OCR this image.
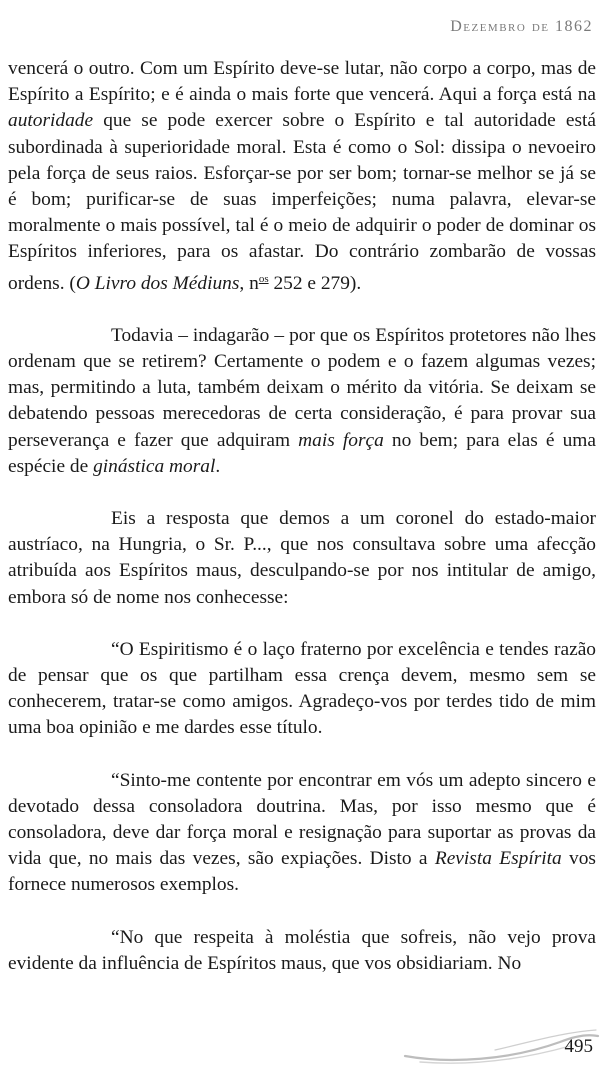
Dezembro de 1862

vencerá o outro. Com um Espírito deve-se lutar, não corpo a corpo, mas de Espírito a Espírito; e é ainda o mais forte que vencerá. Aqui a força está na autoridade que se pode exercer sobre o Espírito e tal autoridade está subordinada à superioridade moral. Esta é como o Sol: dissipa o nevoeiro pela força de seus raios. Esforçar-se por ser bom; tornar-se melhor se já se é bom; purificar-se de suas imperfeições; numa palavra, elevar-se moralmente o mais possível, tal é o meio de adquirir o poder de dominar os Espíritos inferiores, para os afastar. Do contrário zombarão de vossas ordens. (O Livro dos Médiuns, $n^{os}$ 252 e 279).

Todavia – indagarão – por que os Espíritos protetores não lhes ordenam que se retirem? Certamente o podem e o fazem algumas vezes; mas, permitindo a luta, também deixam o mérito da vitória. Se deixam se debatendo pessoas merecedoras de certa consideração, é para provar sua perseverança e fazer que adquiram mais força no bem; para elas é uma espécie de ginástica moral.

Eis a resposta que demos a um coronel do estado-maior austríaco, na Hungria, o Sr. P..., que nos consultava sobre uma afecção atribuída aos Espíritos maus, desculpando-se por nos intitular de amigo, embora só de nome nos conhecesse:

“O Espiritismo é o laço fraterno por excelência e tendes razão de pensar que os que partilham essa crença devem, mesmo sem se conhecerem, tratar-se como amigos. Agradeço-vos por terdes tido de mim uma boa opinião e me dardes esse título.

“Sinto-me contente por encontrar em vós um adepto sincero e devotado dessa consoladora doutrina. Mas, por isso mesmo que é consoladora, deve dar força moral e resignação para suportar as provas da vida que, no mais das vezes, são expiações. Disto a Revista Espírita vos fornece numerosos exemplos.

“No que respeita à moléstia que sofreis, não vejo prova evidente da influência de Espíritos maus, que vos obsidiariam. No

495
